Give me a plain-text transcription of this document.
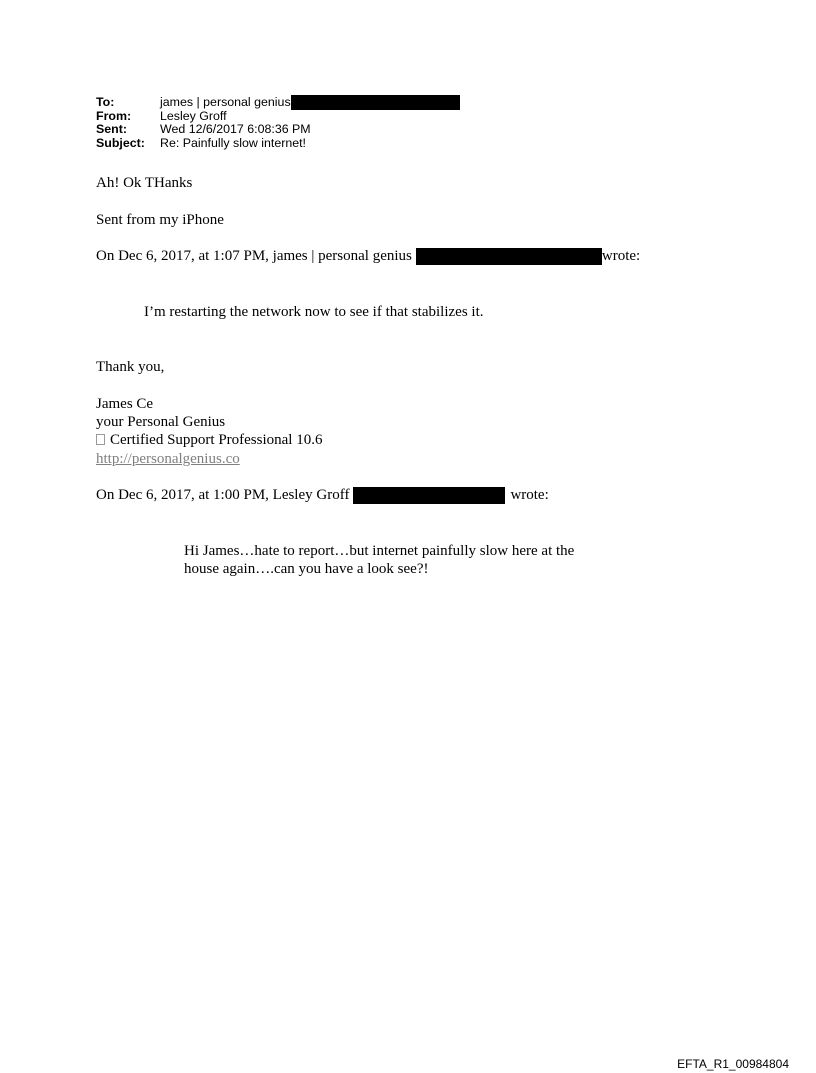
To:	james | personal genius
From:	Lesley Groff
Sent:	Wed 12/6/2017 6:08:36 PM
Subject:	Re: Painfully slow internet!
Ah! Ok THanks
Sent from my iPhone
On Dec 6, 2017, at 1:07 PM, james | personal genius	wrote:
I’m restarting the network now to see if that stabilizes it.
Thank you,
James Ce
your Personal Genius
Certified Support Professional 10.6
http://personalgenius.co
On Dec 6, 2017, at 1:00 PM, Lesley Groff	wrote:
Hi James…hate to report…but internet painfully slow here at the
house again….can you have a look see?!
EFTA_R1_00984804
